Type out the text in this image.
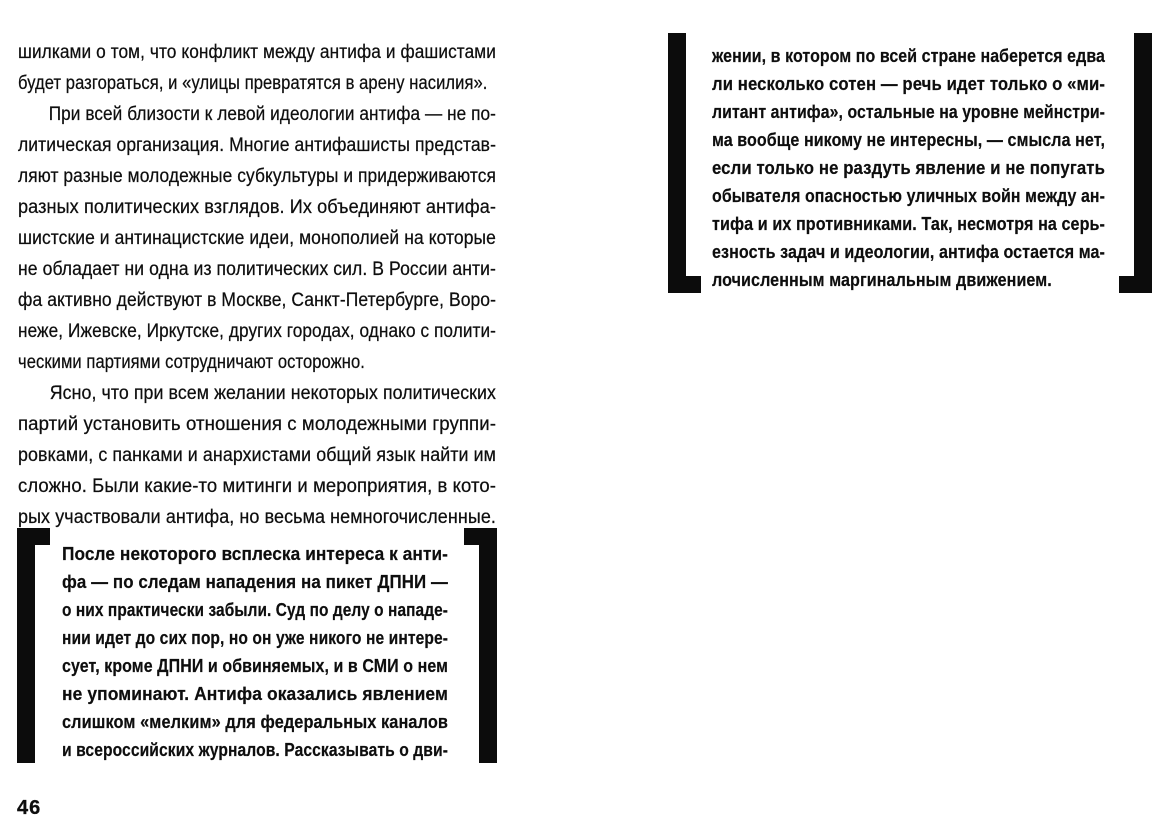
шилками о том, что конфликт между антифа и фашистами
будет разгораться, и «улицы превратятся в арену насилия».
При всей близости к левой идеологии антифа — не по-
литическая организация. Многие антифашисты представ-
ляют разные молодежные субкультуры и придерживаются
разных политических взглядов. Их объединяют антифа-
шистские и антинацистские идеи, монополией на которые
не обладает ни одна из политических сил. В России анти-
фа активно действуют в Москве, Санкт-Петербурге, Воро-
неже, Ижевске, Иркутске, других городах, однако с полити-
ческими партиями сотрудничают осторожно.
Ясно, что при всем желании некоторых политических
партий установить отношения с молодежными группи-
ровками, с панками и анархистами общий язык найти им
сложно. Были какие-то митинги и мероприятия, в кото-
рых участвовали антифа, но весьма немногочисленные.
После некоторого всплеска интереса к анти-
фа — по следам нападения на пикет ДПНИ —
о них практически забыли. Суд по делу о нападе-
нии идет до сих пор, но он уже никого не интере-
сует, кроме ДПНИ и обвиняемых, и в СМИ о нем
не упоминают. Антифа оказались явлением
слишком «мелким» для федеральных каналов
и всероссийских журналов. Рассказывать о дви-
46
жении, в котором по всей стране наберется едва
ли несколько сотен — речь идет только о «ми-
литант антифа», остальные на уровне мейнстри-
ма вообще никому не интересны, — смысла нет,
если только не раздуть явление и не попугать
обывателя опасностью уличных войн между ан-
тифа и их противниками. Так, несмотря на серь-
езность задач и идеологии, антифа остается ма-
лочисленным маргинальным движением.
